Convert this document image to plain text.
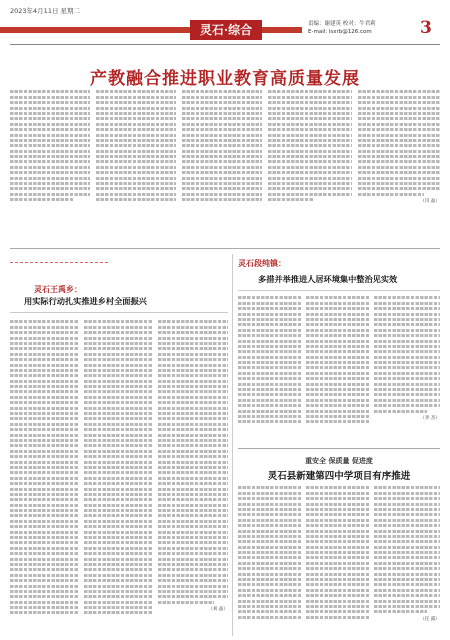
2023年4月11日 星期二
灵石·综合	责编：谢建英 校对：牛君莉
E-mail: lsxrb@126.com	3
产教融合推进职业教育高质量发展
（闫 晶）
灵石王禹乡：
用实际行动扎实推进乡村全面振兴
（刘 晶）
灵石段纯镇：
多措并举推进人居环境集中整治见实效
（李 杰）
重安全 保质量 促进度
灵石县新建第四中学项目有序推进
（任 露）
